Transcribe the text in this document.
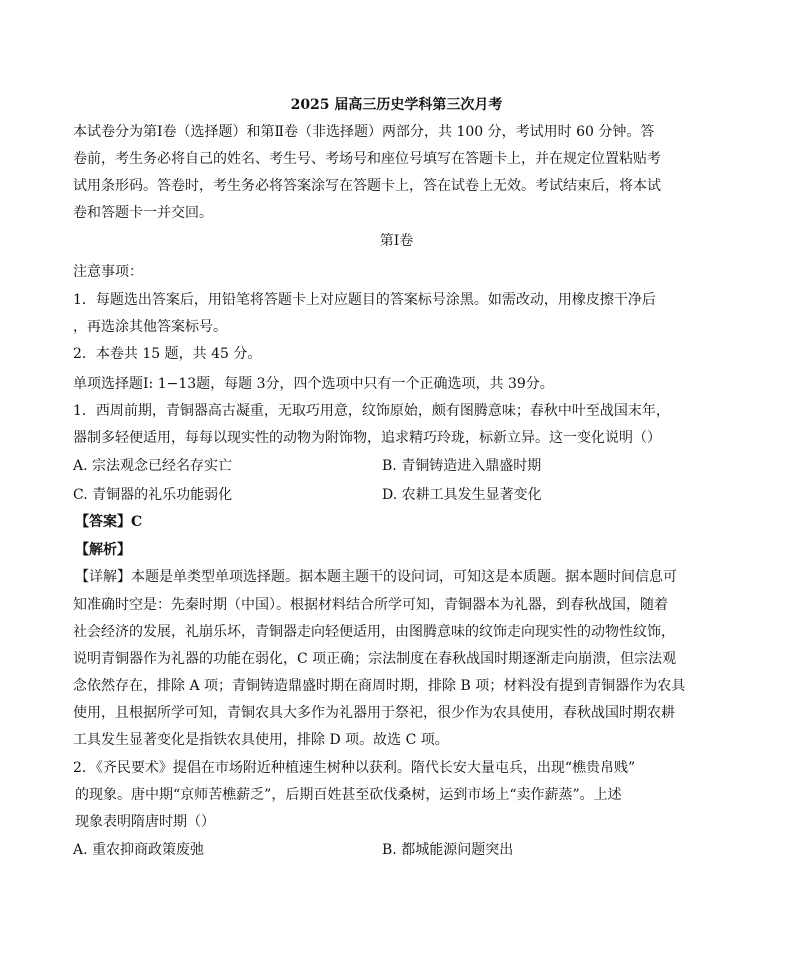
2025 届高三历史学科第三次月考
本试卷分为第Ⅰ卷（选择题）和第Ⅱ卷（非选择题）两部分，共 100 分，考试用时 60 分钟。答
卷前，考生务必将自己的姓名、考生号、考场号和座位号填写在答题卡上，并在规定位置粘贴考
试用条形码。答卷时，考生务必将答案涂写在答题卡上，答在试卷上无效。考试结束后，将本试
卷和答题卡一并交回。
第Ⅰ卷
注意事项：
1．每题选出答案后，用铅笔将答题卡上对应题目的答案标号涂黑。如需改动，用橡皮擦干净后
，再选涂其他答案标号。
2．本卷共 15 题，共 45 分。
单项选择题Ⅰ: 1−13题，每题 3分，四个选项中只有一个正确选项，共 39分。
1．西周前期，青铜器高古凝重，无取巧用意，纹饰原始，颇有图腾意味；春秋中叶至战国末年，
器制多轻便适用，每每以现实性的动物为附饰物，追求精巧玲珑，标新立异。这一变化说明（）
A. 宗法观念已经名存实亡	B. 青铜铸造进入鼎盛时期
C. 青铜器的礼乐功能弱化	D. 农耕工具发生显著变化
【答案】C
【解析】
【详解】本题是单类型单项选择题。据本题主题干的设问词，可知这是本质题。据本题时间信息可
知准确时空是：先秦时期（中国）。根据材料结合所学可知，青铜器本为礼器，到春秋战国，随着
社会经济的发展，礼崩乐坏，青铜器走向轻便适用，由图腾意味的纹饰走向现实性的动物性纹饰，
说明青铜器作为礼器的功能在弱化，C 项正确；宗法制度在春秋战国时期逐渐走向崩溃，但宗法观
念依然存在，排除 A 项；青铜铸造鼎盛时期在商周时期，排除 B 项；材料没有提到青铜器作为农具
使用，且根据所学可知，青铜农具大多作为礼器用于祭祀，很少作为农具使用，春秋战国时期农耕
工具发生显著变化是指铁农具使用，排除 D 项。故选 C 项。
2．《齐民要术》提倡在市场附近种植速生树种以获利。隋代长安大量屯兵，出现“樵贵帛贱”
的现象。唐中期“京师苦樵薪乏”，后期百姓甚至砍伐桑树，运到市场上“卖作薪蒸”。上述
现象表明隋唐时期（）
A. 重农抑商政策废弛	B. 都城能源问题突出
